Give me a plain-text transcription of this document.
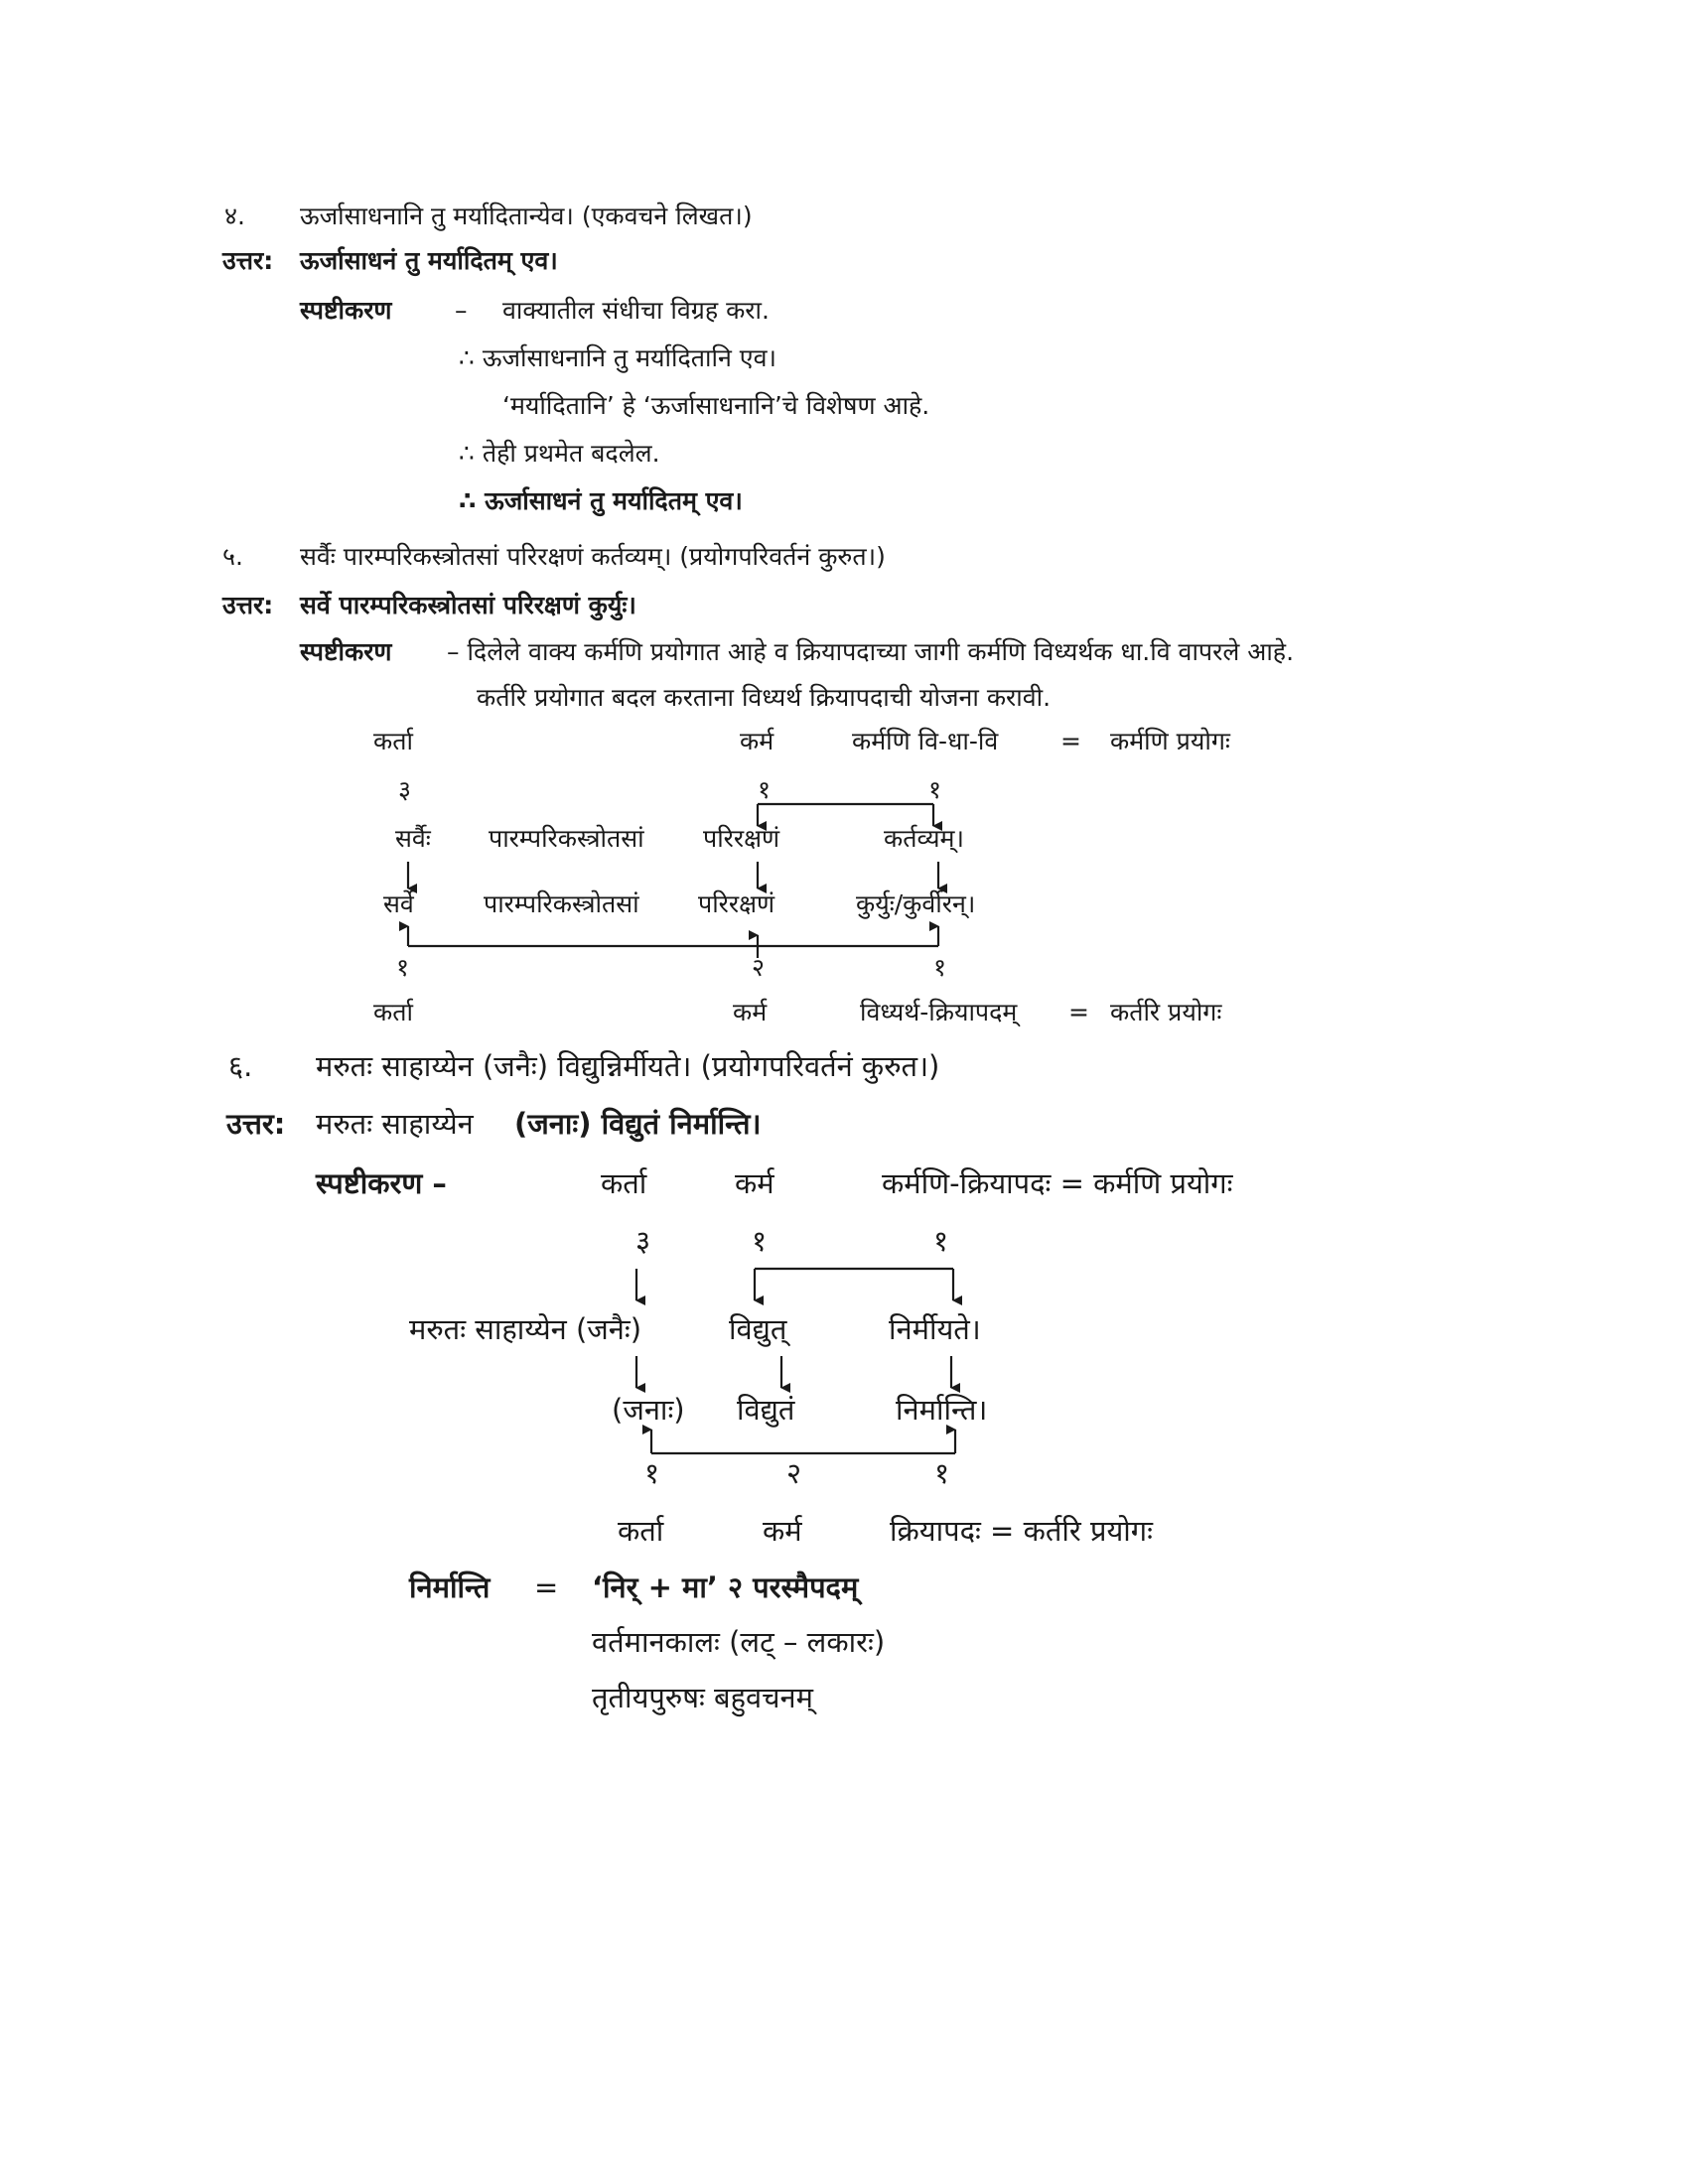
४. ऊर्जासाधनानि तु मर्यादितान्येव। (एकवचने लिखत।)
उत्तर: ऊर्जासाधनं तु मर्यादितम् एव।
स्पष्टीकरण	– वाक्यातील संधीचा विग्रह करा.
∴ ऊर्जासाधनानि तु मर्यादितानि एव।
‘मर्यादितानि’ हे ‘ऊर्जासाधनानि’चे विशेषण आहे.
∴ तेही प्रथमेत बदलेल.
∴ ऊर्जासाधनं तु मर्यादितम् एव।
५. सर्वैः पारम्परिकस्त्रोतसां परिरक्षणं कर्तव्यम्। (प्रयोगपरिवर्तनं कुरुत।)
उत्तर: सर्वे पारम्परिकस्त्रोतसां परिरक्षणं कुर्युः।
स्पष्टीकरण – दिलेले वाक्य कर्मणि प्रयोगात आहे व क्रियापदाच्या जागी कर्मणि विध्यर्थक धा.वि वापरले आहे.
कर्तरि प्रयोगात बदल करताना विध्यर्थ क्रियापदाची योजना करावी.
कर्ता	कर्म	कर्मणि वि-धा-वि	= कर्मणि प्रयोगः
३	१	१
सर्वैः पारम्परिकस्त्रोतसां परिरक्षणं	कर्तव्यम्।
सर्वे	पारम्परिकस्त्रोतसां परिरक्षणं	कुर्युः/कुर्वीरन्।
१	२	१
कर्ता	कर्म	विध्यर्थ-क्रियापदम् = कर्तरि प्रयोगः
६. मरुतः साहाय्येन (जनैः) विद्युन्निर्मीयते। (प्रयोगपरिवर्तनं कुरुत।)
उत्तर: मरुतः साहाय्येन (जनाः) विद्युतं निर्मान्ति।
स्पष्टीकरण –	कर्ता	कर्म	कर्मणि-क्रियापदः = कर्मणि प्रयोगः
३	१	१
मरुतः साहाय्येन (जनैः)	विद्युत्	निर्मीयते।
(जनाः) विद्युतं	निर्मान्ति।
१	२	१
कर्ता	कर्म	क्रियापदः = कर्तरि प्रयोगः
निर्मान्ति = ‘निर् + मा’ २ परस्मैपदम्
वर्तमानकालः (लट् – लकारः)
तृतीयपुरुषः बहुवचनम्
